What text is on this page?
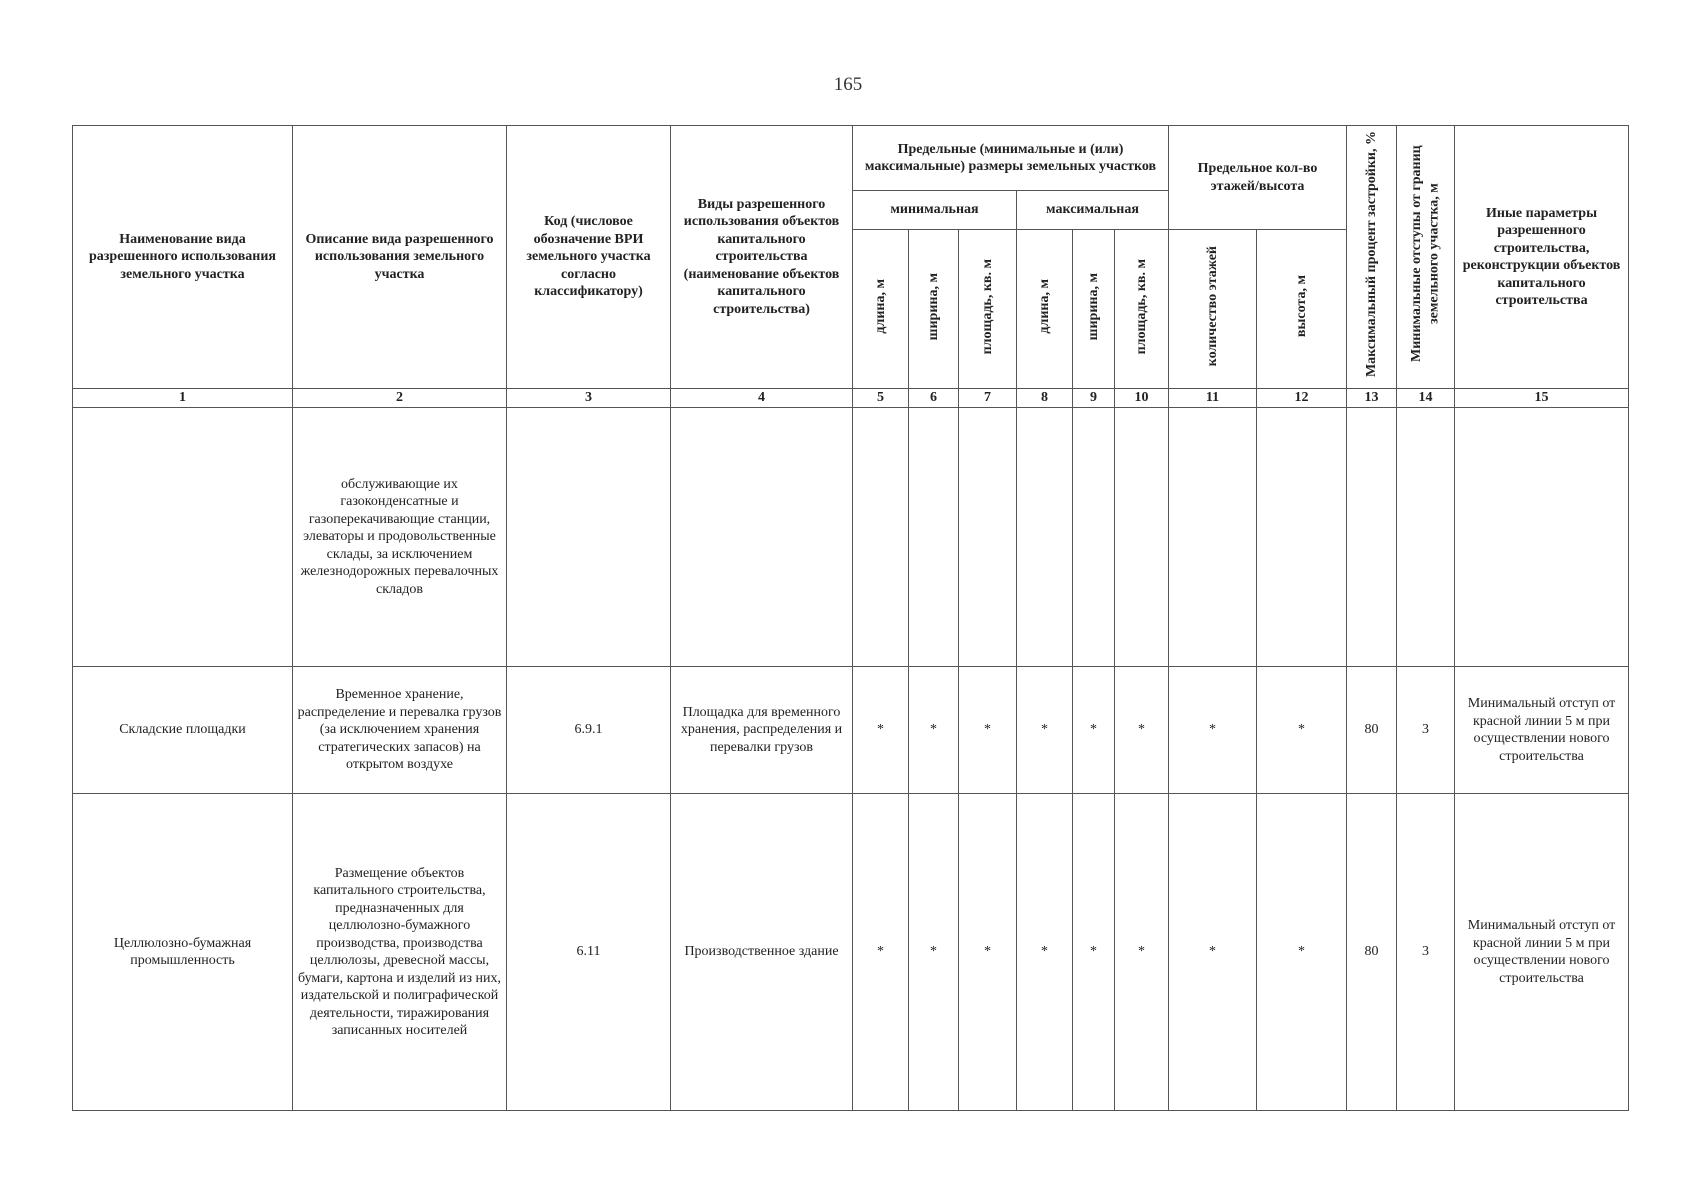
165
Наименование вида разрешенного использования земельного участка	Описание вида разрешенного использования земельного участка	Код (числовое обозначение ВРИ земельного участка согласно классификатору)	Виды разрешенного использования объектов капитального строительства (наименование объектов капитального строительства)	Предельные (минимальные и (или) максимальные) размеры земельных участков						Предельное кол-во этажей/высота		Максимальный процент застройки, %	Минимальные отступы от границ земельного участка, м	Иные параметры разрешенного строительства, реконструкции объектов капитального строительства
				минимальная			максимальная							
				длина, м	ширина, м	площадь, кв. м	длина, м	ширина, м	площадь, кв. м	количество этажей	высота, м			
1	2	3	4	5	6	7	8	9	10	11	12	13	14	15
	обслуживающие их газоконденсатные и газоперекачивающие станции, элеваторы и продовольственные склады, за исключением железнодорожных перевалочных складов													
Складские площадки	Временное хранение, распределение и перевалка грузов (за исключением хранения стратегических запасов) на открытом воздухе	6.9.1	Площадка для временного хранения, распределения и перевалки грузов	*	*	*	*	*	*	*	*	80	3	Минимальный отступ от красной линии 5 м при осуществлении нового строительства
Целлюлозно-бумажная промышленность	Размещение объектов капитального строительства, предназначенных для целлюлозно-бумажного производства, производства целлюлозы, древесной массы, бумаги, картона и изделий из них, издательской и полиграфической деятельности, тиражирования записанных носителей	6.11	Производственное здание	*	*	*	*	*	*	*	*	80	3	Минимальный отступ от красной линии 5 м при осуществлении нового строительства
